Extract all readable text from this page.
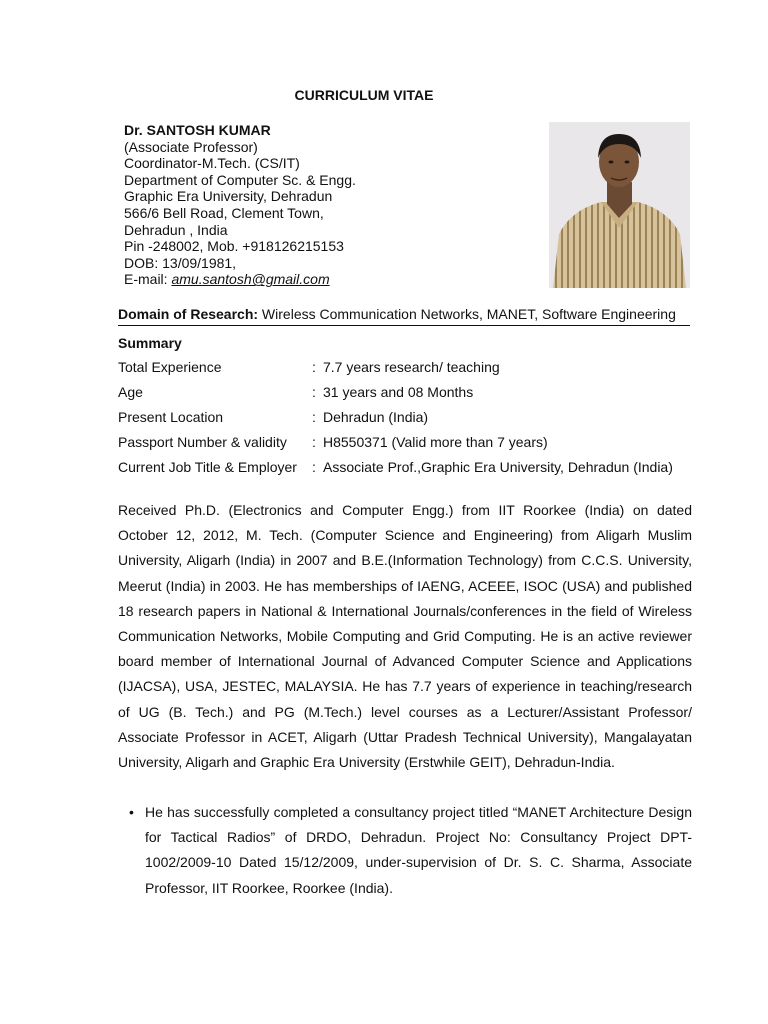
CURRICULUM VITAE
Dr. SANTOSH KUMAR
(Associate Professor)
Coordinator-M.Tech. (CS/IT)
Department of Computer Sc. & Engg.
Graphic Era University, Dehradun
566/6 Bell Road, Clement Town,
Dehradun , India
Pin -248002, Mob. +918126215153
DOB: 13/09/1981,
E-mail: amu.santosh@gmail.com
Domain of Research: Wireless Communication Networks, MANET, Software Engineering
Summary
Total Experience	: 7.7 years research/ teaching
Age	: 31 years and 08 Months
Present Location	: Dehradun (India)
Passport Number & validity	: H8550371 (Valid more than 7 years)
Current Job Title & Employer	: Associate Prof.,Graphic Era University, Dehradun (India)

Received Ph.D. (Electronics and Computer Engg.) from IIT Roorkee (India) on dated October 12, 2012, M. Tech. (Computer Science and Engineering) from Aligarh Muslim University, Aligarh (India) in 2007 and B.E.(Information Technology) from C.C.S. University, Meerut (India) in 2003. He has memberships of IAENG, ACEEE, ISOC (USA) and published 18 research papers in National & International Journals/conferences in the field of Wireless Communication Networks, Mobile Computing and Grid Computing. He is an active reviewer board member of International Journal of Advanced Computer Science and Applications (IJACSA), USA, JESTEC, MALAYSIA. He has 7.7 years of experience in teaching/research of UG (B. Tech.) and PG (M.Tech.) level courses as a Lecturer/Assistant Professor/ Associate Professor in ACET, Aligarh (Uttar Pradesh Technical University), Mangalayatan University, Aligarh and Graphic Era University (Erstwhile GEIT), Dehradun-India.

• He has successfully completed a consultancy project titled “MANET Architecture Design for Tactical Radios” of DRDO, Dehradun. Project No: Consultancy Project DPT-1002/2009-10 Dated 15/12/2009, under-supervision of Dr. S. C. Sharma, Associate Professor, IIT Roorkee, Roorkee (India).
